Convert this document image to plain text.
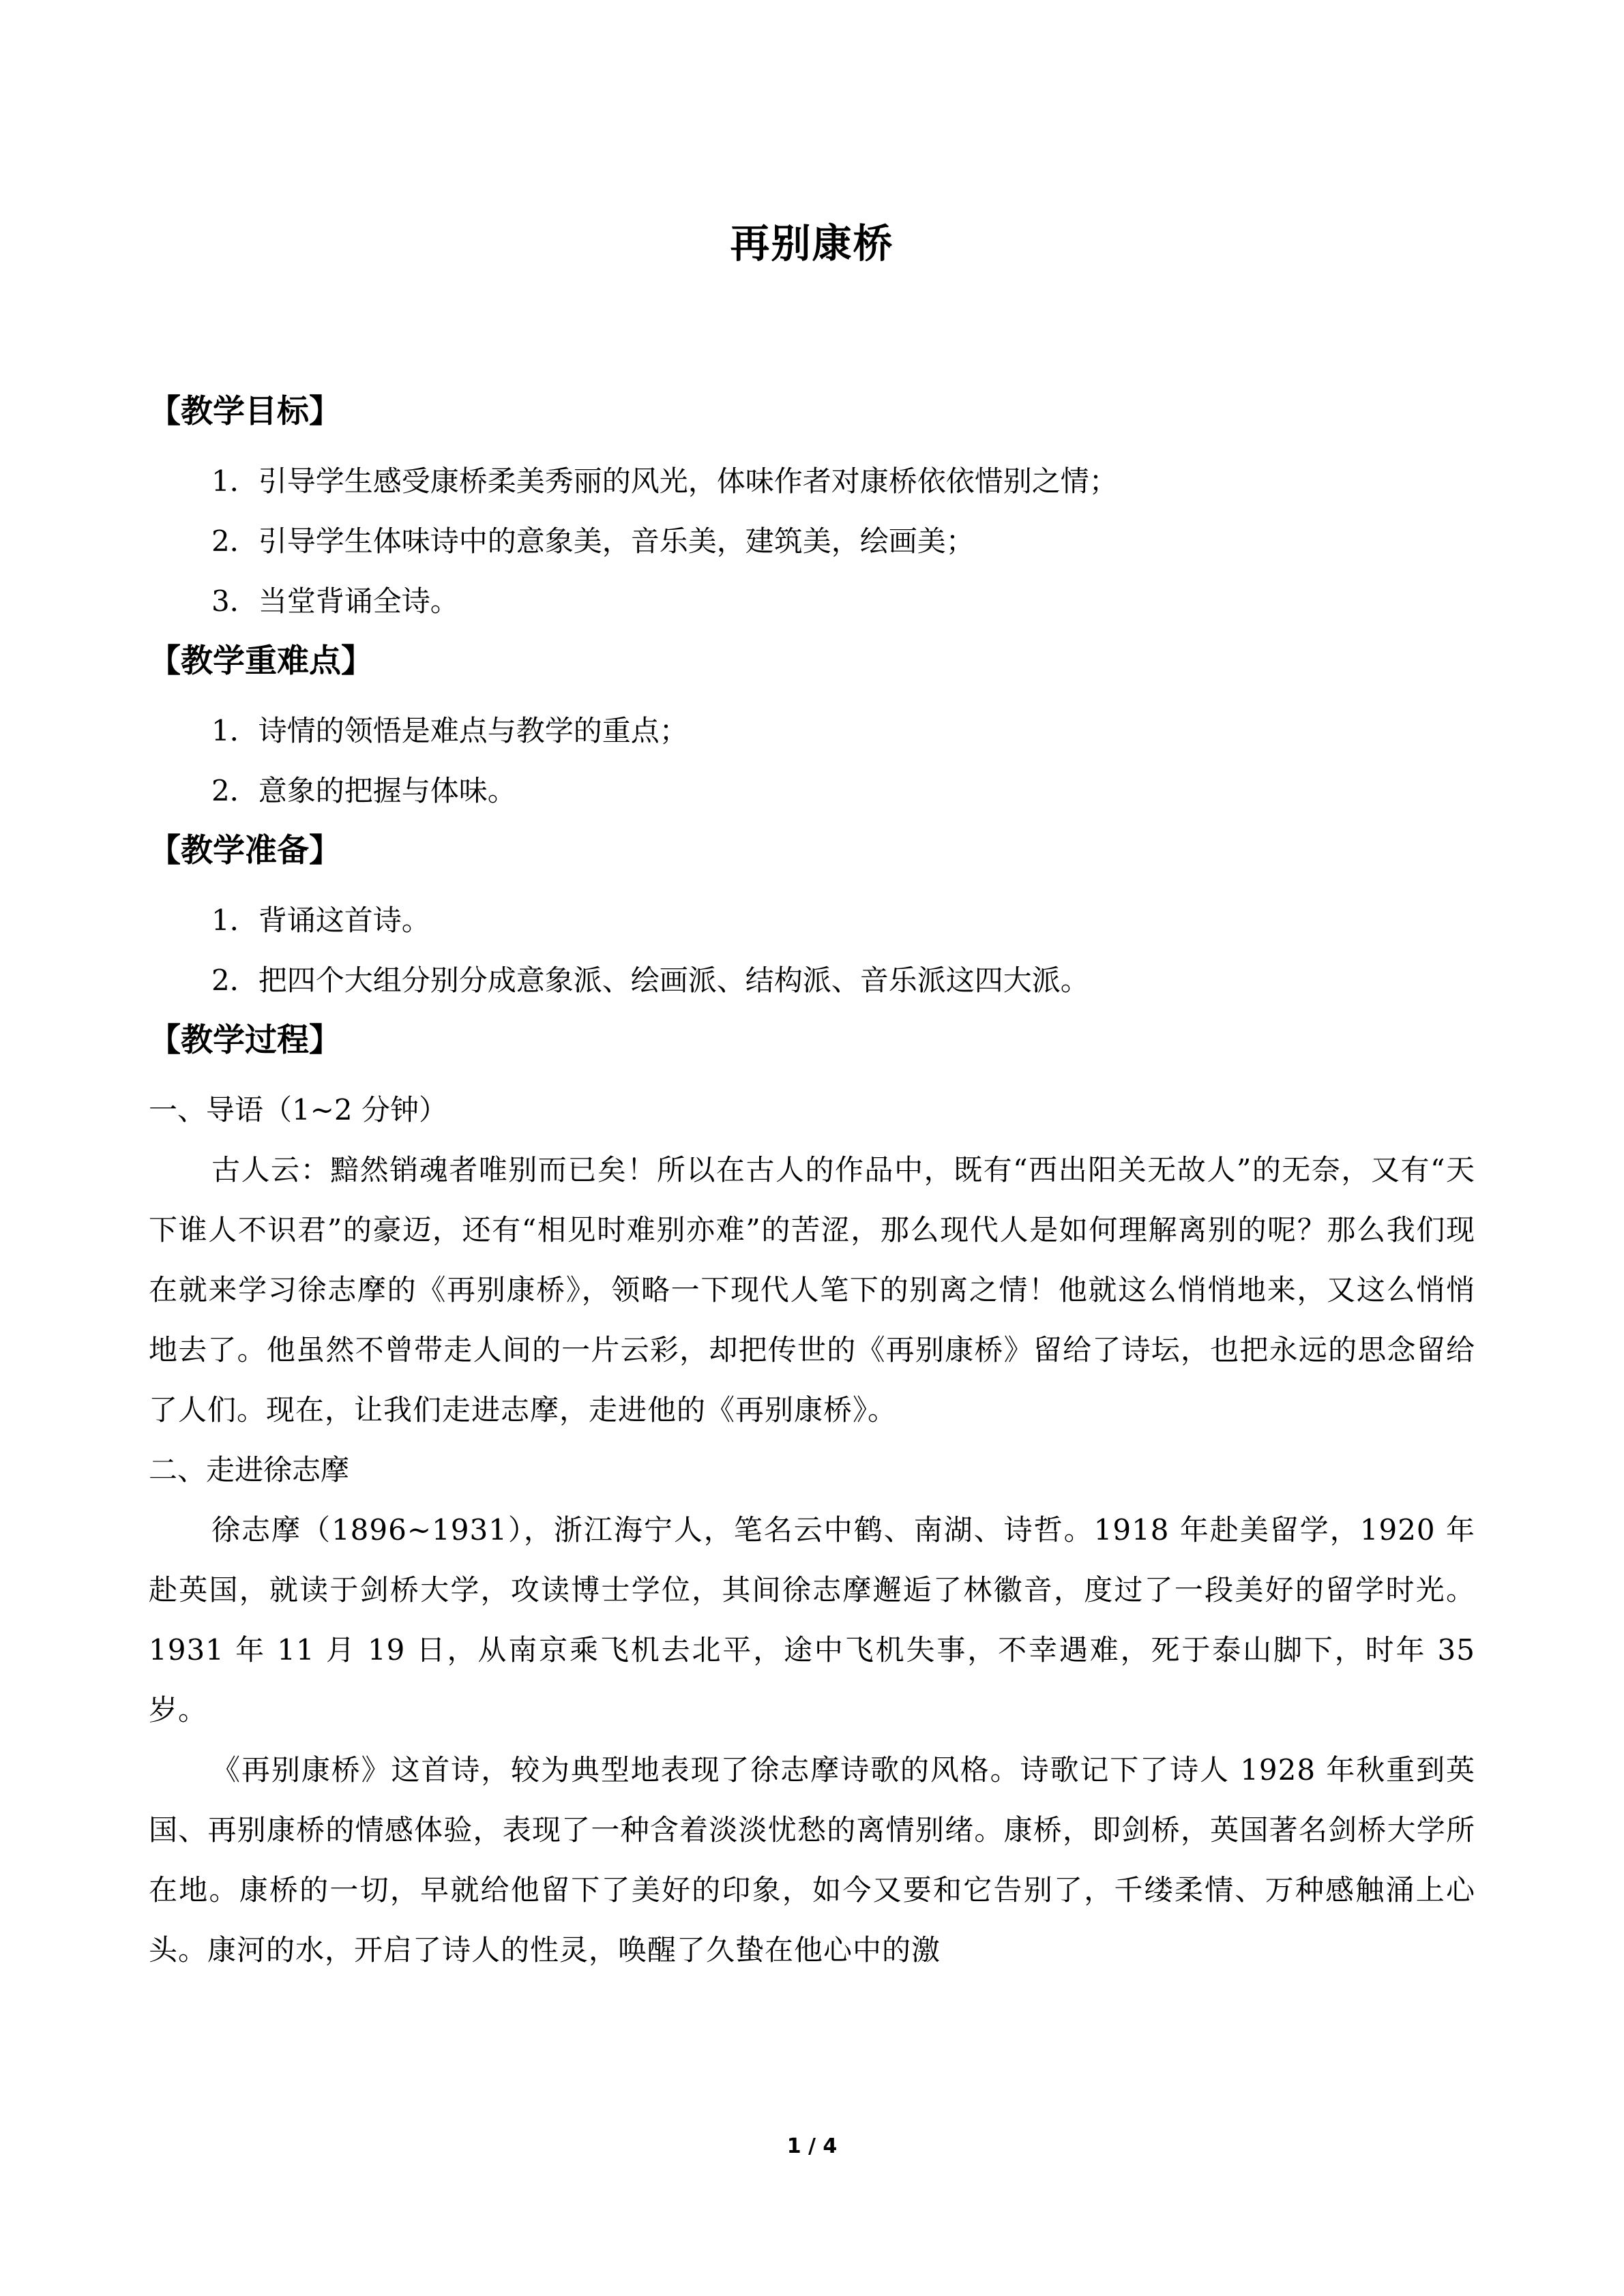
再别康桥

【教学目标】

1．引导学生感受康桥柔美秀丽的风光，体味作者对康桥依依惜别之情；

2．引导学生体味诗中的意象美，音乐美，建筑美，绘画美；

3．当堂背诵全诗。

【教学重难点】

1．诗情的领悟是难点与教学的重点；

2．意象的把握与体味。

【教学准备】

1．背诵这首诗。

2．把四个大组分别分成意象派、绘画派、结构派、音乐派这四大派。

【教学过程】

一、导语（1~2 分钟）

古人云：黯然销魂者唯别而已矣！所以在古人的作品中，既有“西出阳关无故人”的无奈，又有“天下谁人不识君”的豪迈，还有“相见时难别亦难”的苦涩，那么现代人是如何理解离别的呢？那么我们现在就来学习徐志摩的《再别康桥》，领略一下现代人笔下的别离之情！他就这么悄悄地来，又这么悄悄地去了。他虽然不曾带走人间的一片云彩，却把传世的《再别康桥》留给了诗坛，也把永远的思念留给了人们。现在，让我们走进志摩，走进他的《再别康桥》。

二、走进徐志摩

徐志摩（1896~1931），浙江海宁人，笔名云中鹤、南湖、诗哲。1918 年赴美留学，1920 年赴英国，就读于剑桥大学，攻读博士学位，其间徐志摩邂逅了林徽音，度过了一段美好的留学时光。1931 年 11 月 19 日，从南京乘飞机去北平，途中飞机失事，不幸遇难，死于泰山脚下，时年 35 岁。

《再别康桥》这首诗，较为典型地表现了徐志摩诗歌的风格。诗歌记下了诗人 1928 年秋重到英国、再别康桥的情感体验，表现了一种含着淡淡忧愁的离情别绪。康桥，即剑桥，英国著名剑桥大学所在地。康桥的一切，早就给他留下了美好的印象，如今又要和它告别了，千缕柔情、万种感触涌上心头。康河的水，开启了诗人的性灵，唤醒了久蛰在他心中的激

1 / 4
